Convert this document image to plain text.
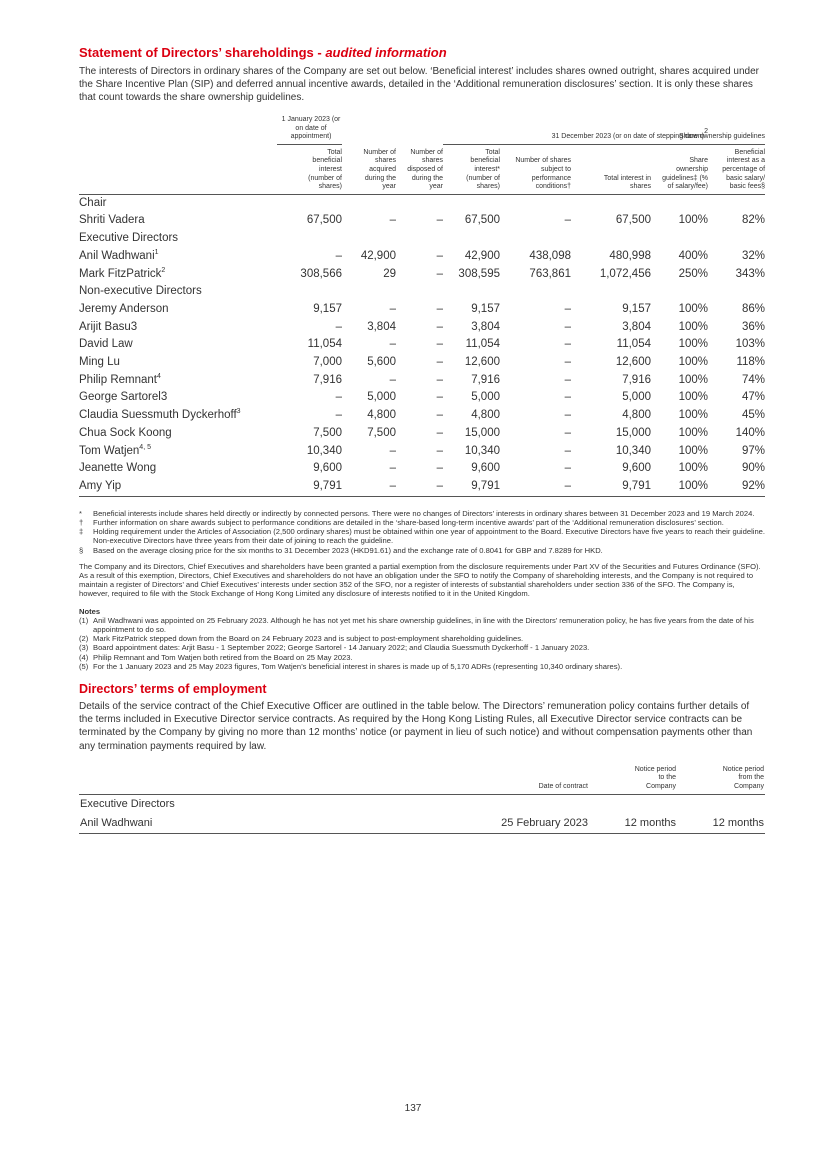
Statement of Directors’ shareholdings - audited information

The interests of Directors in ordinary shares of the Company are set out below. ‘Beneficial interest’ includes shares owned outright, shares acquired under the Share Incentive Plan (SIP) and deferred annual incentive awards, detailed in the ‘Additional remuneration disclosures’ section. It is only these shares that count towards the share ownership guidelines.

	1 January 2023 (or on date of appointment)			31 December 2023 (or on date of stepping down)$^2$				Share ownership guidelines

	Total beneficial interest (number of shares)	Number of shares acquired during the year	Number of shares disposed of during the year	Total beneficial interest* (number of shares)	Number of shares subject to performance conditions†	Total interest in shares	Share ownership guidelines‡ (% of salary/fee)	Beneficial interest as a percentage of basic salary/ basic fees§

Chair								
Shriti Vadera	67,500	–	–	67,500	–	67,500	100%	82%
Executive Directors								
Anil Wadhwani$^1$	–	42,900	–	42,900	438,098	480,998	400%	32%
Mark FitzPatrick$^2$	308,566	29	–	308,595	763,861	1,072,456	250%	343%
Non-executive Directors								
Jeremy Anderson	9,157	–	–	9,157	–	9,157	100%	86%
Arijit Basu3	–	3,804	–	3,804	–	3,804	100%	36%
David Law	11,054	–	–	11,054	–	11,054	100%	103%
Ming Lu	7,000	5,600	–	12,600	–	12,600	100%	118%
Philip Remnant$^4$	7,916	–	–	7,916	–	7,916	100%	74%
George Sartorel3	–	5,000	–	5,000	–	5,000	100%	47%
Claudia Suessmuth Dyckerhoff$^3$	–	4,800	–	4,800	–	4,800	100%	45%
Chua Sock Koong	7,500	7,500	–	15,000	–	15,000	100%	140%
Tom Watjen$^{4, 5}$	10,340	–	–	10,340	–	10,340	100%	97%
Jeanette Wong	9,600	–	–	9,600	–	9,600	100%	90%
Amy Yip	9,791	–	–	9,791	–	9,791	100%	92%
*	Beneficial interests include shares held directly or indirectly by connected persons. There were no changes of Directors’ interests in ordinary shares between 31 December 2023 and 19 March 2024.
†	Further information on share awards subject to performance conditions are detailed in the ‘share-based long-term incentive awards’ part of the ‘Additional remuneration disclosures’ section.
‡	Holding requirement under the Articles of Association (2,500 ordinary shares) must be obtained within one year of appointment to the Board. Executive Directors have five years to reach their guideline. Non-executive Directors have three years from their date of joining to reach the guideline.
§	Based on the average closing price for the six months to 31 December 2023 (HKD91.61) and the exchange rate of 0.8041 for GBP and 7.8289 for HKD.
The Company and its Directors, Chief Executives and shareholders have been granted a partial exemption from the disclosure requirements under Part XV of the Securities and Futures Ordinance (SFO). As a result of this exemption, Directors, Chief Executives and shareholders do not have an obligation under the SFO to notify the Company of shareholding interests, and the Company is not required to maintain a register of Directors’ and Chief Executives’ interests under section 352 of the SFO, nor a register of interests of substantial shareholders under section 336 of the SFO. The Company is, however, required to file with the Stock Exchange of Hong Kong Limited any disclosure of interests notified to it in the United Kingdom.
Notes
(1) Anil Wadhwani was appointed on 25 February 2023. Although he has not yet met his share ownership guidelines, in line with the Directors’ remuneration policy, he has five years from the date of his appointment to do so.
(2) Mark FitzPatrick stepped down from the Board on 24 February 2023 and is subject to post-employment shareholding guidelines.
(3) Board appointment dates: Arjit Basu - 1 September 2022; George Sartorel - 14 January 2022; and Claudia Suessmuth Dyckerhoff - 1 January 2023.
(4) Philip Remnant and Tom Watjen both retired from the Board on 25 May 2023.
(5) For the 1 January 2023 and 25 May 2023 figures, Tom Watjen’s beneficial interest in shares is made up of 5,170 ADRs (representing 10,340 ordinary shares).
Directors’ terms of employment
Details of the service contract of the Chief Executive Officer are outlined in the table below. The Directors’ remuneration policy contains further details of the terms included in Executive Director service contracts. As required by the Hong Kong Listing Rules, all Executive Director service contracts can be terminated by the Company by giving no more than 12 months’ notice (or payment in lieu of such notice) and without compensation payments other than any termination payments required by law.
	Date of contract	Notice period to the Company	Notice period from the Company

Executive Directors			
Anil Wadhwani	25 February 2023	12 months	12 months
137
